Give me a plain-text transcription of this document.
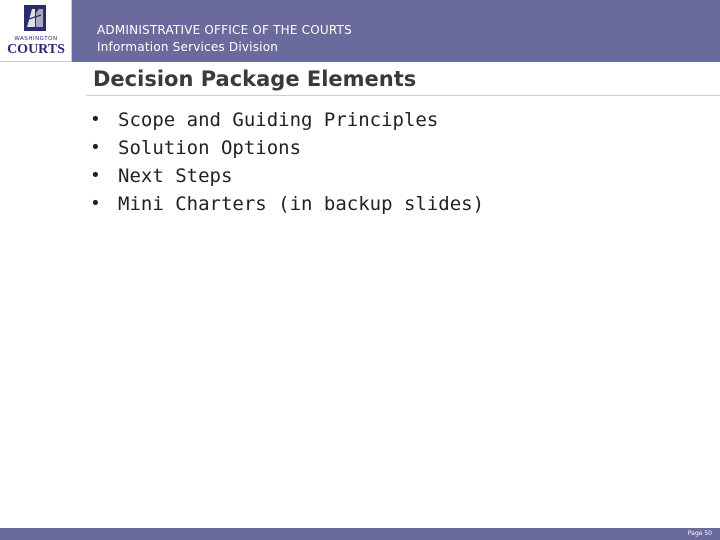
WASHINGTON
COURTS
ADMINISTRATIVE OFFICE OF THE COURTS
Information Services Division
Decision Package Elements
• Scope and Guiding Principles
• Solution Options
• Next Steps
• Mini Charters (in backup slides)
Page 50
